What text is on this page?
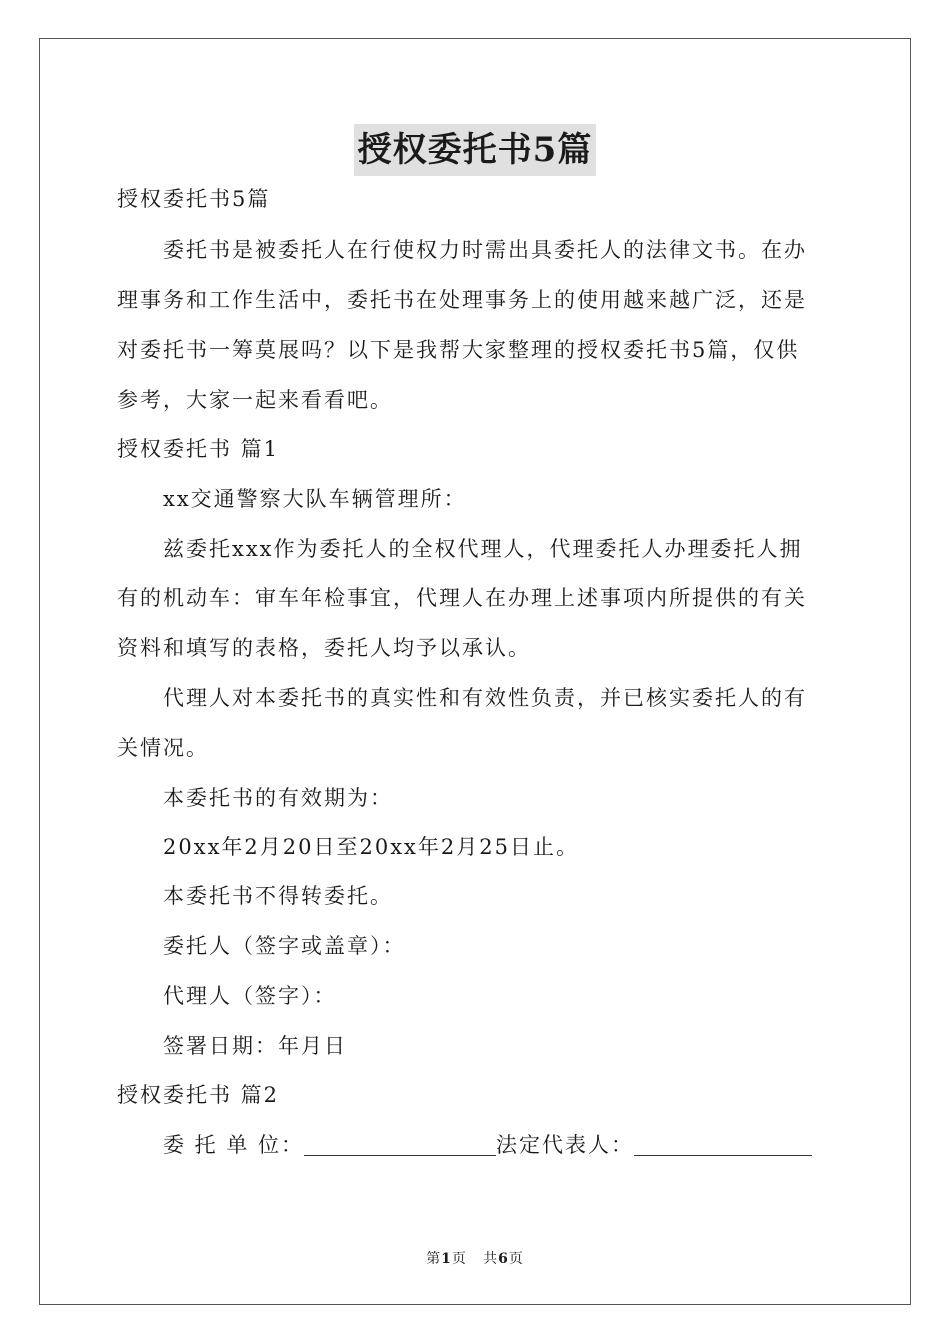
授权委托书5篇
授权委托书5篇
委托书是被委托人在行使权力时需出具委托人的法律文书。在办
理事务和工作生活中，委托书在处理事务上的使用越来越广泛，还是
对委托书一筹莫展吗？以下是我帮大家整理的授权委托书5篇，仅供
参考，大家一起来看看吧。
授权委托书 篇1
xx交通警察大队车辆管理所：
兹委托xxx作为委托人的全权代理人，代理委托人办理委托人拥
有的机动车：审车年检事宜，代理人在办理上述事项内所提供的有关
资料和填写的表格，委托人均予以承认。
代理人对本委托书的真实性和有效性负责，并已核实委托人的有
关情况。
本委托书的有效期为：
20xx年2月20日至20xx年2月25日止。
本委托书不得转委托。
委托人（签字或盖章）：
代理人（签字）：
签署日期：年月日
授权委托书 篇2
委 托 单 位：	法定代表人：
第1页 共6页
